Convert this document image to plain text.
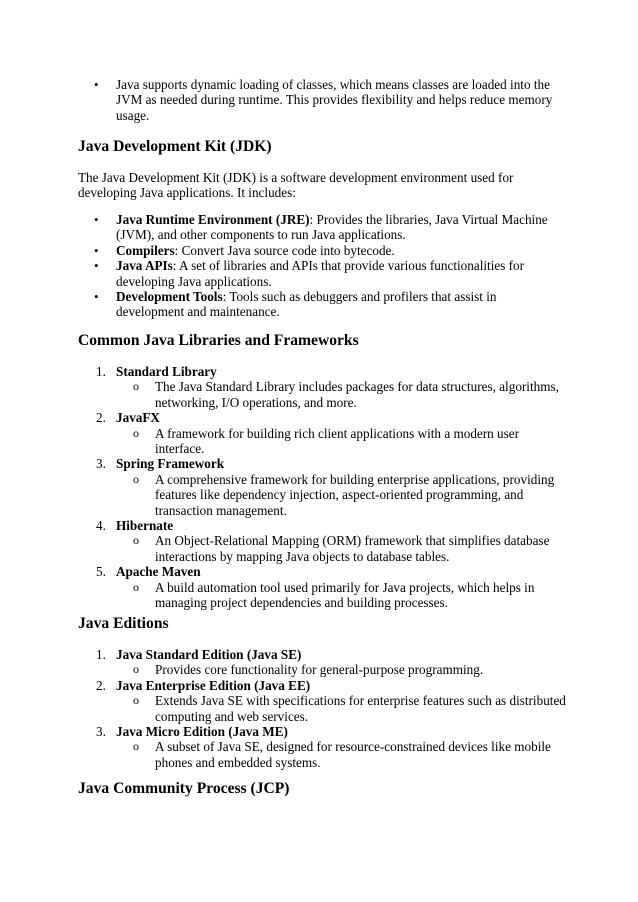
• Java supports dynamic loading of classes, which means classes are loaded into the JVM as needed during runtime. This provides flexibility and helps reduce memory usage.
Java Development Kit (JDK)

The Java Development Kit (JDK) is a software development environment used for developing Java applications. It includes:

• Java Runtime Environment (JRE): Provides the libraries, Java Virtual Machine (JVM), and other components to run Java applications.
• Compilers: Convert Java source code into bytecode.
• Java APIs: A set of libraries and APIs that provide various functionalities for developing Java applications.
• Development Tools: Tools such as debuggers and profilers that assist in development and maintenance.
Common Java Libraries and Frameworks
1. Standard Library
o The Java Standard Library includes packages for data structures, algorithms, networking, I/O operations, and more.
2. JavaFX
o A framework for building rich client applications with a modern user interface.
3. Spring Framework
o A comprehensive framework for building enterprise applications, providing features like dependency injection, aspect-oriented programming, and transaction management.
4. Hibernate
o An Object-Relational Mapping (ORM) framework that simplifies database interactions by mapping Java objects to database tables.
5. Apache Maven
o A build automation tool used primarily for Java projects, which helps in managing project dependencies and building processes.
Java Editions
1. Java Standard Edition (Java SE)
o Provides core functionality for general-purpose programming.
2. Java Enterprise Edition (Java EE)
o Extends Java SE with specifications for enterprise features such as distributed computing and web services.
3. Java Micro Edition (Java ME)
o A subset of Java SE, designed for resource-constrained devices like mobile phones and embedded systems.
Java Community Process (JCP)
